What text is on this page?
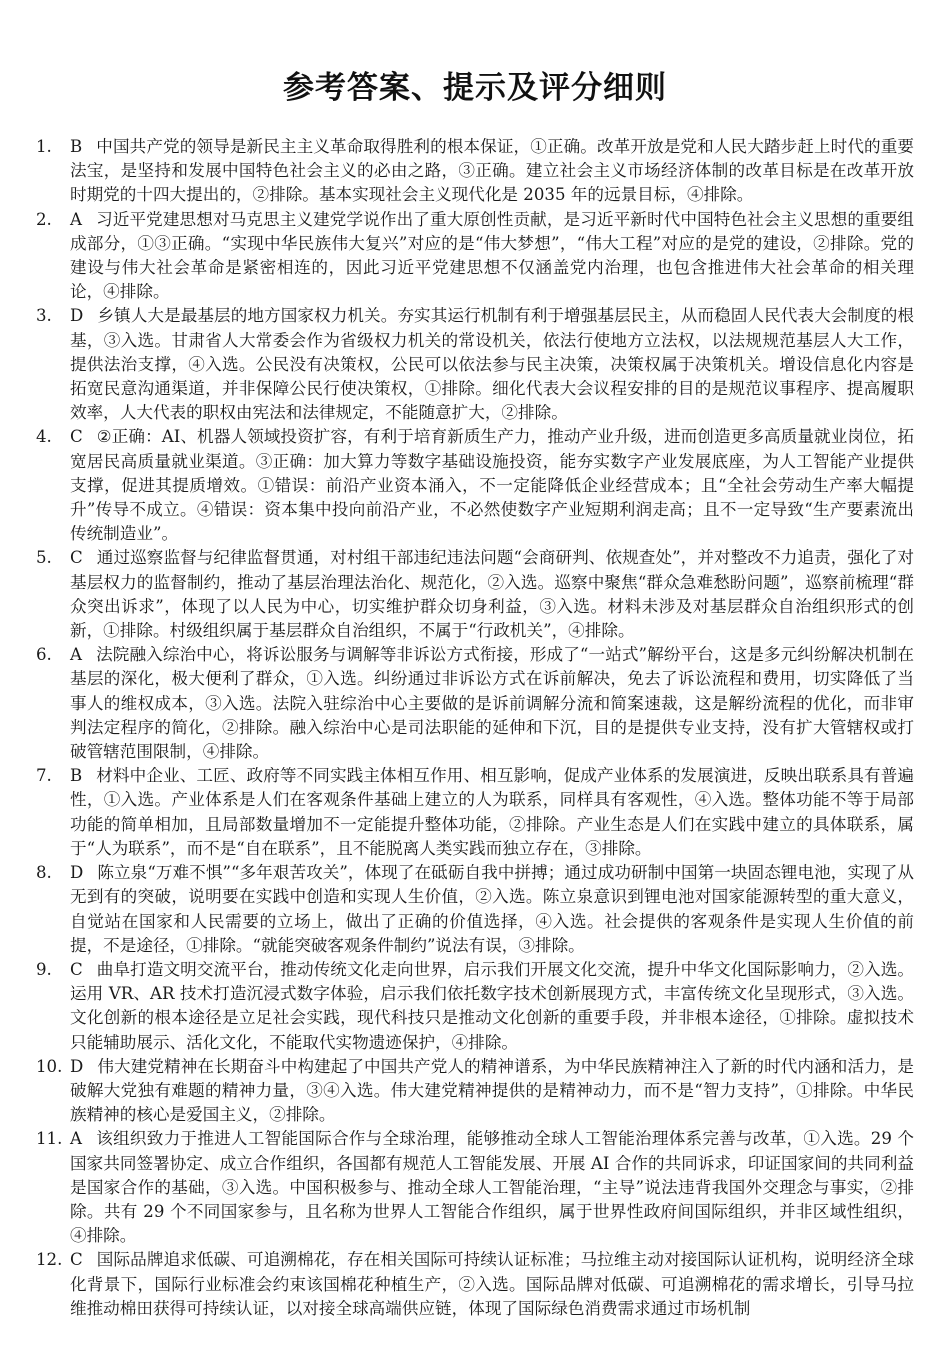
参考答案、提示及评分细则

1.	B 中国共产党的领导是新民主主义革命取得胜利的根本保证，①正确。改革开放是党和人民大踏步赶上时代的重要法宝，是坚持和发展中国特色社会主义的必由之路，③正确。建立社会主义市场经济体制的改革目标是在改革开放时期党的十四大提出的，②排除。基本实现社会主义现代化是 2035 年的远景目标，④排除。

2.	A 习近平党建思想对马克思主义建党学说作出了重大原创性贡献，是习近平新时代中国特色社会主义思想的重要组成部分，①③正确。“实现中华民族伟大复兴”对应的是“伟大梦想”，“伟大工程”对应的是党的建设，②排除。党的建设与伟大社会革命是紧密相连的，因此习近平党建思想不仅涵盖党内治理，也包含推进伟大社会革命的相关理论，④排除。

3.	D 乡镇人大是最基层的地方国家权力机关。夯实其运行机制有利于增强基层民主，从而稳固人民代表大会制度的根基，③入选。甘肃省人大常委会作为省级权力机关的常设机关，依法行使地方立法权，以法规规范基层人大工作，提供法治支撑，④入选。公民没有决策权，公民可以依法参与民主决策，决策权属于决策机关。增设信息化内容是拓宽民意沟通渠道，并非保障公民行使决策权，①排除。细化代表大会议程安排的目的是规范议事程序、提高履职效率，人大代表的职权由宪法和法律规定，不能随意扩大，②排除。

4.	C ②正确：AI、机器人领域投资扩容，有利于培育新质生产力，推动产业升级，进而创造更多高质量就业岗位，拓宽居民高质量就业渠道。③正确：加大算力等数字基础设施投资，能夯实数字产业发展底座，为人工智能产业提供支撑，促进其提质增效。①错误：前沿产业资本涌入，不一定能降低企业经营成本；且“全社会劳动生产率大幅提升”传导不成立。④错误：资本集中投向前沿产业，不必然使数字产业短期利润走高；且不一定导致“生产要素流出传统制造业”。

5.	C 通过巡察监督与纪律监督贯通，对村组干部违纪违法问题“会商研判、依规查处”，并对整改不力追责，强化了对基层权力的监督制约，推动了基层治理法治化、规范化，②入选。巡察中聚焦“群众急难愁盼问题”，巡察前梳理“群众突出诉求”，体现了以人民为中心，切实维护群众切身利益，③入选。材料未涉及对基层群众自治组织形式的创新，①排除。村级组织属于基层群众自治组织，不属于“行政机关”，④排除。

6.	A 法院融入综治中心，将诉讼服务与调解等非诉讼方式衔接，形成了“一站式”解纷平台，这是多元纠纷解决机制在基层的深化，极大便利了群众，①入选。纠纷通过非诉讼方式在诉前解决，免去了诉讼流程和费用，切实降低了当事人的维权成本，③入选。法院入驻综治中心主要做的是诉前调解分流和简案速裁，这是解纷流程的优化，而非审判法定程序的简化，②排除。融入综治中心是司法职能的延伸和下沉，目的是提供专业支持，没有扩大管辖权或打破管辖范围限制，④排除。

7.	B 材料中企业、工匠、政府等不同实践主体相互作用、相互影响，促成产业体系的发展演进，反映出联系具有普遍性，①入选。产业体系是人们在客观条件基础上建立的人为联系，同样具有客观性，④入选。整体功能不等于局部功能的简单相加，且局部数量增加不一定能提升整体功能，②排除。产业生态是人们在实践中建立的具体联系，属于“人为联系”，而不是“自在联系”，且不能脱离人类实践而独立存在，③排除。

8.	D 陈立泉“万难不惧”“多年艰苦攻关”，体现了在砥砺自我中拼搏；通过成功研制中国第一块固态锂电池，实现了从无到有的突破，说明要在实践中创造和实现人生价值，②入选。陈立泉意识到锂电池对国家能源转型的重大意义，自觉站在国家和人民需要的立场上，做出了正确的价值选择，④入选。社会提供的客观条件是实现人生价值的前提，不是途径，①排除。“就能突破客观条件制约”说法有误，③排除。

9.	C 曲阜打造文明交流平台，推动传统文化走向世界，启示我们开展文化交流，提升中华文化国际影响力，②入选。运用 VR、AR 技术打造沉浸式数字体验，启示我们依托数字技术创新展现方式，丰富传统文化呈现形式，③入选。文化创新的根本途径是立足社会实践，现代科技只是推动文化创新的重要手段，并非根本途径，①排除。虚拟技术只能辅助展示、活化文化，不能取代实物遗迹保护，④排除。

10. D 伟大建党精神在长期奋斗中构建起了中国共产党人的精神谱系，为中华民族精神注入了新的时代内涵和活力，是破解大党独有难题的精神力量，③④入选。伟大建党精神提供的是精神动力，而不是“智力支持”，①排除。中华民族精神的核心是爱国主义，②排除。

11. A 该组织致力于推进人工智能国际合作与全球治理，能够推动全球人工智能治理体系完善与改革，①入选。29 个国家共同签署协定、成立合作组织，各国都有规范人工智能发展、开展 AI 合作的共同诉求，印证国家间的共同利益是国家合作的基础，③入选。中国积极参与、推动全球人工智能治理，“主导”说法违背我国外交理念与事实，②排除。共有 29 个不同国家参与，且名称为世界人工智能合作组织，属于世界性政府间国际组织，并非区域性组织，④排除。

12. C 国际品牌追求低碳、可追溯棉花，存在相关国际可持续认证标准；马拉维主动对接国际认证机构，说明经济全球化背景下，国际行业标准会约束该国棉花种植生产，②入选。国际品牌对低碳、可追溯棉花的需求增长，引导马拉维推动棉田获得可持续认证，以对接全球高端供应链，体现了国际绿色消费需求通过市场机制
